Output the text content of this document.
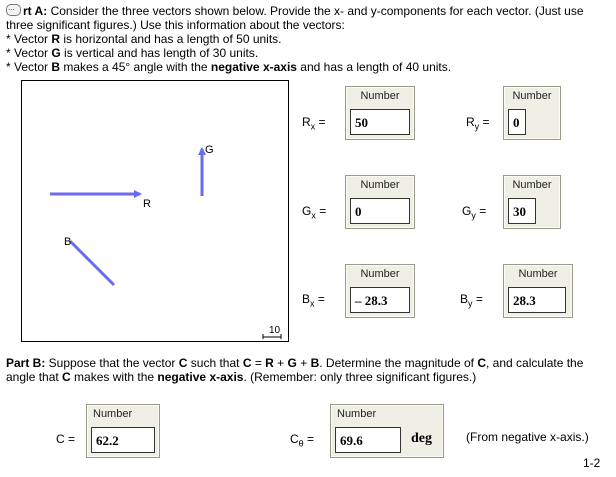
...rt A: Consider the three vectors shown below. Provide the x- and y-components for each vector. (Just use
three significant figures.) Use this information about the vectors:
* Vector R is horizontal and has a length of 50 units.
* Vector G is vertical and has length of 30 units.
* Vector B makes a 45° angle with the negative x-axis and has a length of 40 units.
R
G
B
10
$R_x$ =
Number
50	$R_y$ =
Number
0
$G_x$ =
Number
0	$G_y$ =
Number
30
$B_x$ =
Number
– 28.3	$B_y$ =
Number
28.3
Part B: Suppose that the vector C such that C = R + G + B. Determine the magnitude of C, and calculate the
angle that C makes with the negative x-axis. (Remember: only three significant figures.)
C =
Number
62.2	$C_\theta$ =
Number
69.6	deg	(From negative x-axis.)
1-2
